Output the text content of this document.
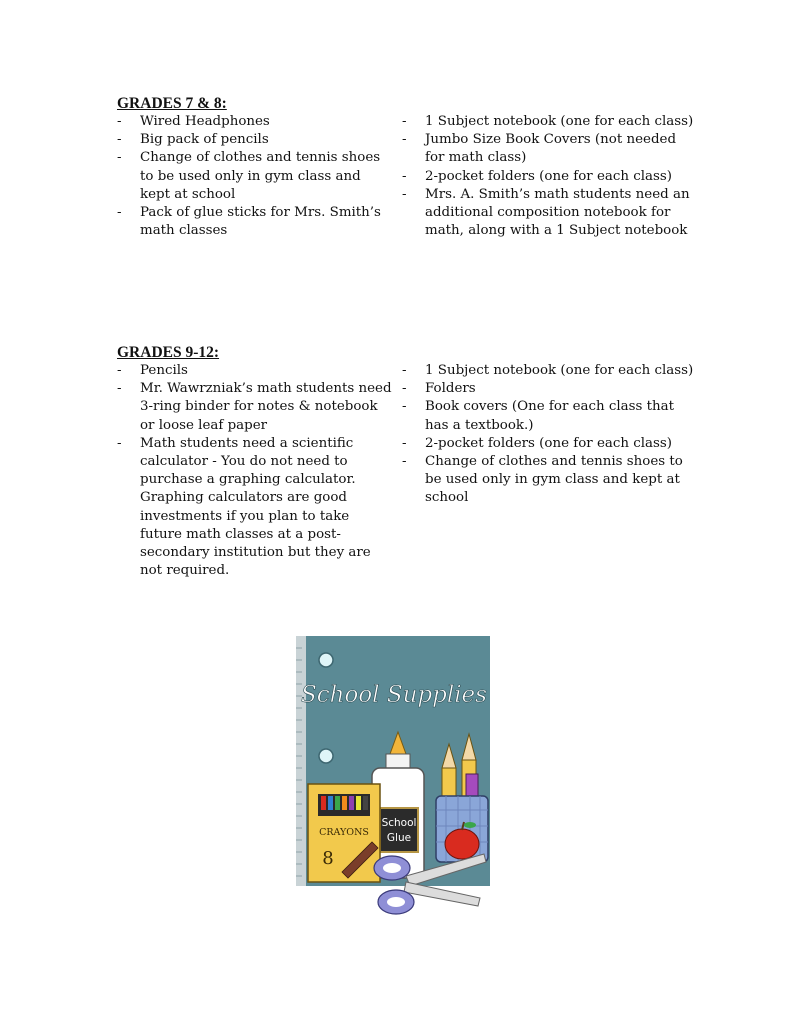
GRADES 7 & 8:

- Wired Headphones
- Big pack of pencils
- Change of clothes and tennis shoes to be used only in gym class and kept at school
- Pack of glue sticks for Mrs. Smith’s math classes
- 1 Subject notebook (one for each class)
- Jumbo Size Book Covers (not needed for math class)
- 2-pocket folders (one for each class)
- Mrs. A. Smith’s math students need an additional composition notebook for math, along with a 1 Subject notebook

GRADES 9-12:

- Pencils
- Mr. Wawrzniak’s math students need 3-ring binder for notes & notebook or loose leaf paper
- Math students need a scientific calculator - You do not need to purchase a graphing calculator. Graphing calculators are good investments if you plan to take future math classes at a post-secondary institution but they are not required.
- 1 Subject notebook (one for each class)
- Folders
- Book covers (One for each class that has a textbook.)
- 2-pocket folders (one for each class)
- Change of clothes and tennis shoes to be used only in gym class and kept at school
School Supplies
School
Glue
CRAYONS
8
